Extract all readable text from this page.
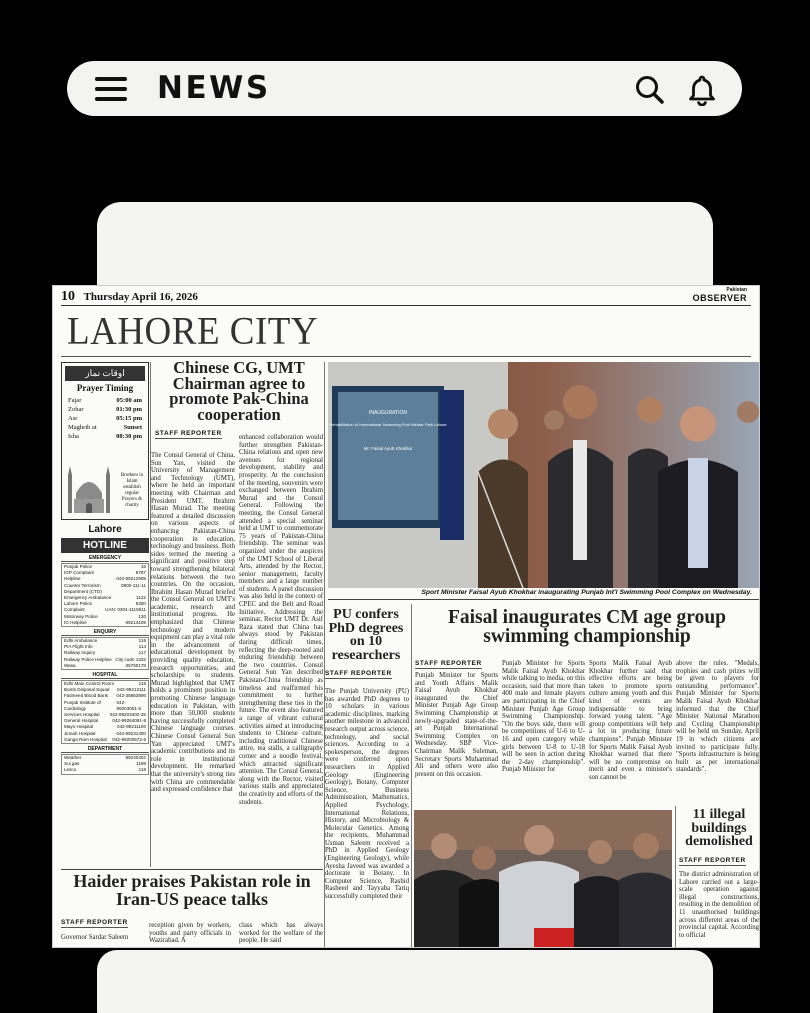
NEWS
10 Thursday April 16, 2026
Pakistan
OBSERVER
LAHORE CITY
اوقات نماز
Prayer Timing
Fajar	05:00 am
Zohar	01:30 pm
Asr	05:15 pm
Maghrib at	Sunset
Isha	08:30 pm
Brothers in Islam establish regular Prayers & charity
Lahore
HOTLINE
EMERGENCY
Punjab Police	15
IGP Complaint	8787
Helpline	042-99212909
Counter Terrorism	0800-111-11
Department (CTD)
Emergency Ambulance	1122
Lahore Police	8300
Complaint	UAN: 0304-1115911
Motorway Police	130
IG Helpline	99214109
ENQUIRY
Edhi Ambulance	115
PIA Flight Info	114
Railway Inquiry	117
Railway Police Helpline City code 1332
Wasa	35760178
HOSPITAL
Edhi Main Control Room	115
Bomb Disposal Squad 042-99212111
Fatimeed Blood Bank 042-35863906
Punjab Institute of Cardiology
042-99203051-5
Services Hospital 042-99203402-25
General Hospital	042-99264091-8
Mayo Hospital	042-99211100
Jinnah Hospital	042-99231400
Ganga Ram Hospital 042-99200572-6
DEPARTMENT
Weather	99240402
Sui gas	1199
Lesco	118
Chinese CG, UMT Chairman agree to promote Pak-China cooperation
STAFF REPORTER
The Consul General of China, Sun Yan, visited the University of Management and Technology (UMT), where he held an important meeting with Chairman and President UMT, Ibrahim Hasan Murad. The meeting featured a detailed discussion on various aspects of enhancing Pakistan-China cooperation in education, technology and business. Both sides termed the meeting a significant and positive step toward strengthening bilateral relations between the two countries. On the occasion, Ibrahim Hasan Murad briefed the Consul General on UMT's academic, research and institutional progress. He emphasized that Chinese technology and modern equipment can play a vital role in the advancement of educational development by providing quality education, research opportunities, and scholarships to students. Murad highlighted that UMT holds a prominent position in promoting Chinese language education in Pakistan, with more than 50,000 students having successfully completed Chinese language courses. Chinese Consul General Sun Yan appreciated UMT's academic contributions and its role in institutional development. He remarked that the university's strong ties with China are commendable and expressed confidence that
enhanced collaboration would further strengthen Pakistan-China relations and open new avenues for regional development, stability and prosperity. At the conclusion of the meeting, souvenirs were exchanged between Ibrahim Murad and the Consul General. Following the meeting, the Consul General attended a special seminar held at UMT to commemorate 75 years of Pakistan-China friendship. The seminar was organized under the auspices of the UMT School of Liberal Arts, attended by the Rector, senior management, faculty members and a large number of students. A panel discussion was also held in the context of CPEC and the Belt and Road Initiative. Addressing the seminar, Rector UMT Dr. Asif Raza stated that China has always stood by Pakistan during difficult times, reflecting the deep-rooted and enduring friendship between the two countries. Consul General Sun Yan described Pakistan-China friendship as timeless and reaffirmed his commitment to further strengthening these ties in the future. The event also featured a range of vibrant cultural activities aimed at introducing students to Chinese culture, including traditional Chinese attire, tea stalls, a calligraphy corner and a noodle festival, which attracted significant attention. The Consul General, along with the Rector, visited various stalls and appreciated the creativity and efforts of the students.
INAUGURATION
Rehabilitation of International Swimming Pool Nishtar Park Lahore
Mr. Faisal Ayub Khokhar
Sport Minister Faisal Ayub Khokhar inaugurating Punjab Int'l Swimming Pool Complex on Wednesday.
PU confers PhD degrees on 10 researchers
STAFF REPORTER
The Punjab University (PU) has awarded PhD degrees to 10 scholars in various academic disciplines, marking another milestone in advanced research output across science, technology, and social sciences. According to a spokesperson, the degrees were conferred upon researchers in Applied Geology (Engineering Geology), Botany, Computer Science, Business Administration, Mathematics, Applied Psychology, International Relations, History, and Microbiology & Molecular Genetics. Among the recipients, Muhammad Usman Saleem received a PhD in Applied Geology (Engineering Geology), while Ayesha Javeed was awarded a doctorate in Botany. In Computer Science, Rashid Rasheed and Tayyaba Tariq successfully completed their
Faisal inaugurates CM age group swimming championship
STAFF REPORTER
Punjab Minister for Sports and Youth Affairs Malik Faisal Ayub Khokhar inaugurated the Chief Minister Punjab Age Group Swimming Championship at newly-upgraded state-of-the-art Punjab International Swimming Complex on Wednesday. SBP Vice-Chairman Malik Suleman, Secretary Sports Muhammad Ali and others were also present on this occasion.
Punjab Minister for Sports Malik Faisal Ayub Khokhar while talking to media, on this occasion, said that more than 400 male and female players are participating in the Chief Minister Punjab Age Group Swimming Championship. "On the boys side, there will be competitions of U-6 to U-16 and open category while girls between U-8 to U-18 will be seen in action during the 2-day championship". Punjab Minister for
Sports Malik Faisal Ayub Khokhar further said that effective efforts are being taken to promote sports culture among youth and this kind of events are indispensable to bring forward young talent. "Age group competitions will help a lot in producing future champions". Punjab Minister for Sports Malik Faisal Ayub Khokhar warned that there will be no compromise on merit and even a minister's son cannot be
above the rules. "Medals, trophies and cash prizes will be given to players for outstanding performance". Punjab Minister for Sports Malik Faisal Ayub Khokhar informed that the Chief Minister National Marathon and Cycling Championship will be held on Sunday, April 19 in which citizens are invited to participate fully. "Sports infrastructure is being built as per international standards".
11 illegal buildings demolished
STAFF REPORTER
The district administration of Lahore carried out a large-scale operation against illegal constructions, resulting in the demolition of 11 unauthorised buildings across different areas of the provincial capital. According to official
Haider praises Pakistan role in Iran-US peace talks
STAFF REPORTER
Governor Sardar Saleem
reception given by workers, youths and party officials in Wazirabad. A
class which has always worked for the welfare of the people. He said
